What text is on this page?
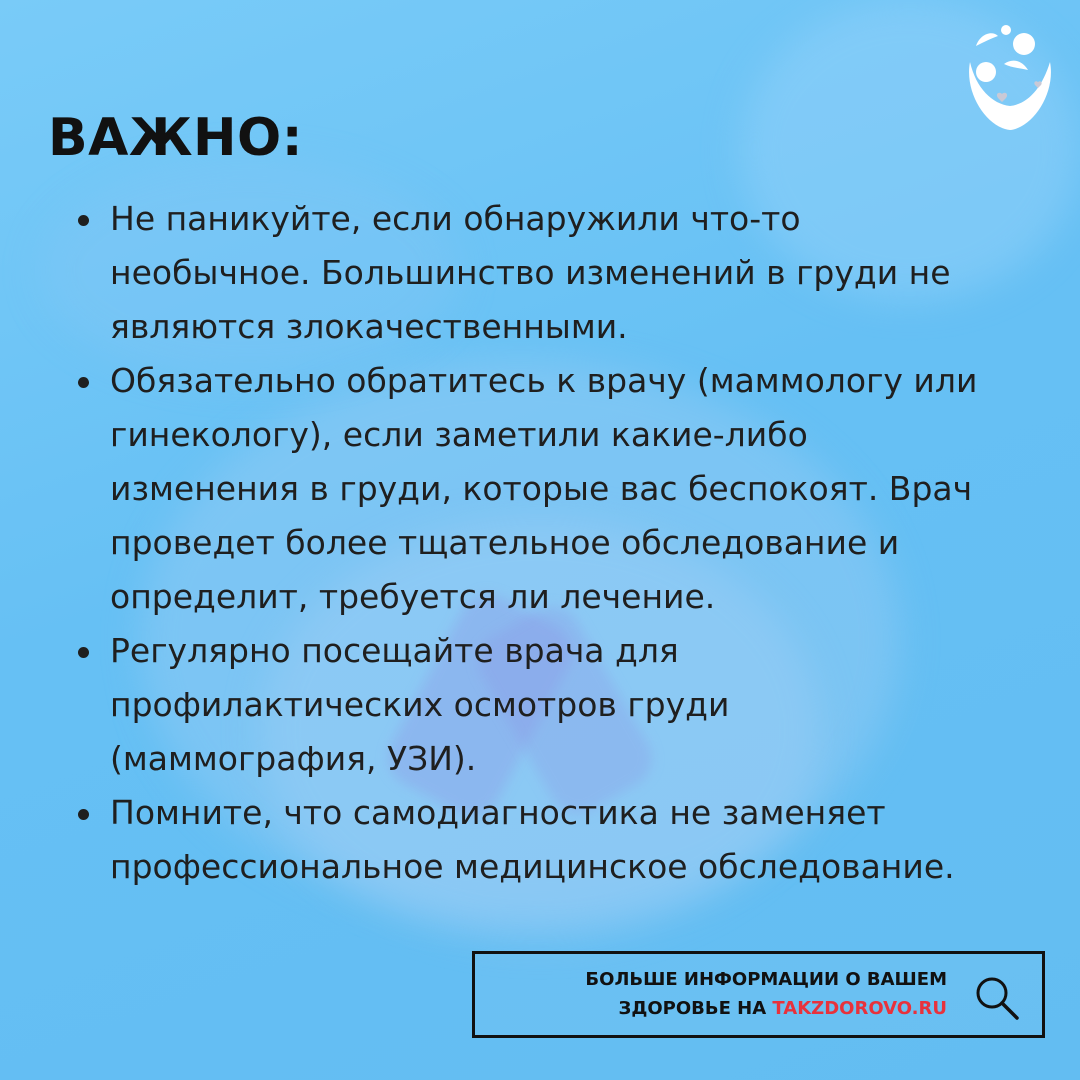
ВАЖНО:
Не паникуйте, если обнаружили что-то необычное. Большинство изменений в груди не являются злокачественными.
Обязательно обратитесь к врачу (маммологу или гинекологу), если заметили какие-либо изменения в груди, которые вас беспокоят. Врач проведет более тщательное обследование и определит, требуется ли лечение.
Регулярно посещайте врача для профилактических осмотров груди (маммография, УЗИ).
Помните, что самодиагностика не заменяет профессиональное медицинское обследование.
БОЛЬШЕ ИНФОРМАЦИИ О ВАШЕМ
ЗДОРОВЬЕ НА TAKZDOROVO.RU
